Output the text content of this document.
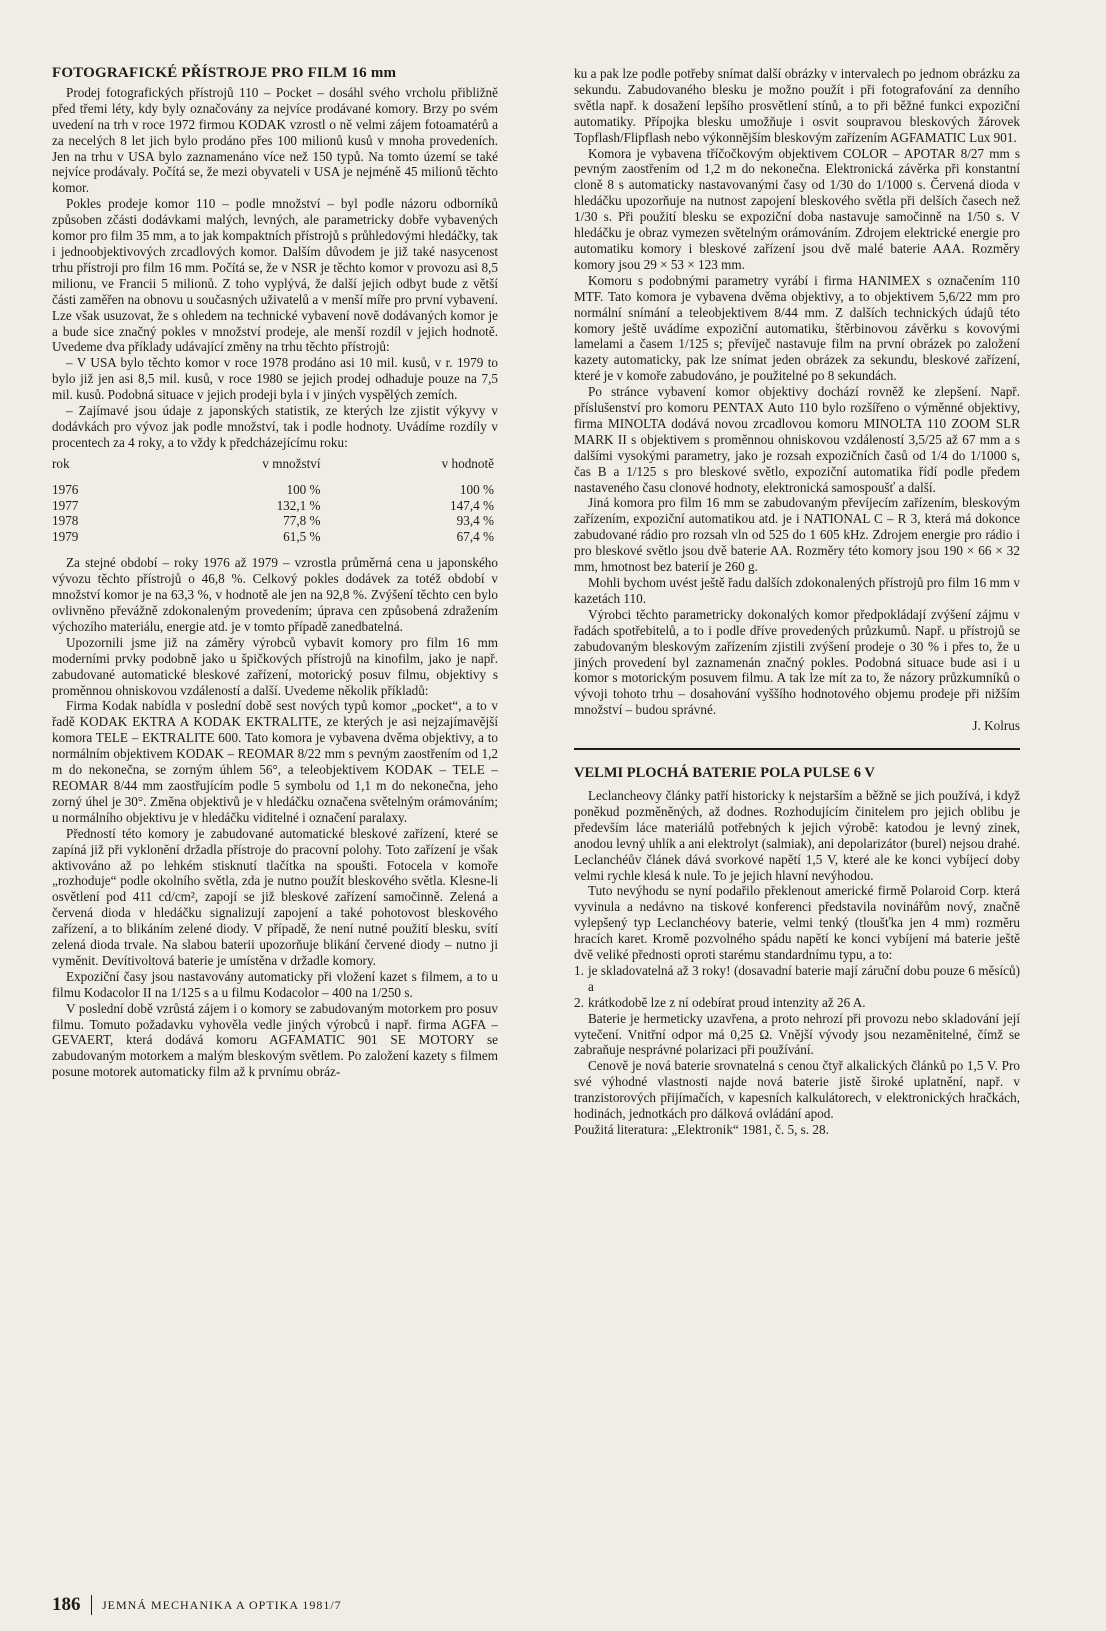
FOTOGRAFICKÉ PŘÍSTROJE PRO FILM 16 mm

Prodej fotografických přístrojů 110 – Pocket – dosáhl svého vrcholu přibližně před třemi léty, kdy byly označovány za nejvíce prodávané komory. Brzy po svém uvedení na trh v roce 1972 firmou KODAK vzrostl o ně velmi zájem fotoamatérů a za necelých 8 let jich bylo prodáno přes 100 milionů kusů v mnoha provedeních. Jen na trhu v USA bylo zaznamenáno více než 150 typů. Na tomto území se také nejvíce prodávaly. Počítá se, že mezi obyvateli v USA je nejméně 45 milionů těchto komor.

Pokles prodeje komor 110 – podle množství – byl podle názoru odborníků způsoben zčásti dodávkami malých, levných, ale parametricky dobře vybavených komor pro film 35 mm, a to jak kompaktních přístrojů s průhledovými hledáčky, tak i jednoobjektivových zrcadlových komor. Dalším důvodem je již také nasycenost trhu přístroji pro film 16 mm. Počítá se, že v NSR je těchto komor v provozu asi 8,5 milionu, ve Francii 5 milionů. Z toho vyplývá, že další jejich odbyt bude z větší části zaměřen na obnovu u současných uživatelů a v menší míře pro první vybavení. Lze však usuzovat, že s ohledem na technické vybavení nově dodávaných komor je a bude sice značný pokles v množství prodeje, ale menší rozdíl v jejich hodnotě. Uvedeme dva příklady udávající změny na trhu těchto přístrojů:

– V USA bylo těchto komor v roce 1978 prodáno asi 10 mil. kusů, v r. 1979 to bylo již jen asi 8,5 mil. kusů, v roce 1980 se jejich prodej odhaduje pouze na 7,5 mil. kusů. Podobná situace v jejich prodeji byla i v jiných vyspělých zemích.

– Zajímavé jsou údaje z japonských statistik, ze kterých lze zjistit výkyvy v dodávkách pro vývoz jak podle množství, tak i podle hodnoty. Uvádíme rozdíly v procentech za 4 roky, a to vždy k předcházejícímu roku:

rok	v množství	v hodnotě
1976	100 %	100 %
1977	132,1 %	147,4 %
1978	77,8 %	93,4 %
1979	61,5 %	67,4 %

Za stejné období – roky 1976 až 1979 – vzrostla průměrná cena u japonského vývozu těchto přístrojů o 46,8 %. Celkový pokles dodávek za totéž období v množství komor je na 63,3 %, v hodnotě ale jen na 92,8 %. Zvýšení těchto cen bylo ovlivněno převážně zdokonaleným provedením; úprava cen způsobená zdražením výchozího materiálu, energie atd. je v tomto případě zanedbatelná.

Upozornili jsme již na záměry výrobců vybavit komory pro film 16 mm moderními prvky podobně jako u špičkových přístrojů na kinofilm, jako je např. zabudované automatické bleskové zařízení, motorický posuv filmu, objektivy s proměnnou ohniskovou vzdáleností a další. Uvedeme několik příkladů:

Firma Kodak nabídla v poslední době sest nových typů komor „pocket“, a to v řadě KODAK EKTRA A KODAK EKTRALITE, ze kterých je asi nejzajímavější komora TELE – EKTRALITE 600. Tato komora je vybavena dvěma objektivy, a to normálním objektivem KODAK – REOMAR 8/22 mm s pevným zaostřením od 1,2 m do nekonečna, se zorným úhlem 56°, a teleobjektivem KODAK – TELE – REOMAR 8/44 mm zaostřujícím podle 5 symbolu od 1,1 m do nekonečna, jeho zorný úhel je 30°. Změna objektivů je v hledáčku označena světelným orámováním; u normálního objektivu je v hledáčku viditelné i označení paralaxy.

Předností této komory je zabudované automatické bleskové zařízení, které se zapíná již při vyklonění držadla přístroje do pracovní polohy. Toto zařízení je však aktivováno až po lehkém stisknutí tlačítka na spoušti. Fotocela v komoře „rozhoduje“ podle okolního světla, zda je nutno použít bleskového světla. Klesne-li osvětlení pod 411 cd/cm², zapojí se již bleskové zařízení samočinně. Zelená a červená dioda v hledáčku signalizují zapojení a také pohotovost bleskového zařízení, a to blikáním zelené diody. V případě, že není nutné použití blesku, svítí zelená dioda trvale. Na slabou baterii upozorňuje blikání červené diody – nutno ji vyměnit. Devítivoltová baterie je umístěna v držadle komory.

Expoziční časy jsou nastavovány automaticky při vložení kazet s filmem, a to u filmu Kodacolor II na 1/125 s a u filmu Kodacolor – 400 na 1/250 s.

V poslední době vzrůstá zájem i o komory se zabudovaným motorkem pro posuv filmu. Tomuto požadavku vyhověla vedle jiných výrobců i např. firma AGFA – GEVAERT, která dodává komoru AGFAMATIC 901 SE MOTORY se zabudovaným motorkem a malým bleskovým světlem. Po založení kazety s filmem posune motorek automaticky film až k prvnímu obráz-

ku a pak lze podle potřeby snímat další obrázky v intervalech po jednom obrázku za sekundu. Zabudovaného blesku je možno použít i při fotografování za denního světla např. k dosažení lepšího prosvětlení stínů, a to při běžné funkci expoziční automatiky. Přípojka blesku umožňuje i osvit soupravou bleskových žárovek Topflash/Flipflash nebo výkonnějším bleskovým zařízením AGFAMATIC Lux 901.

Komora je vybavena tříčočkovým objektivem COLOR – APOTAR 8/27 mm s pevným zaostřením od 1,2 m do nekonečna. Elektronická závěrka při konstantní cloně 8 s automaticky nastavovanými časy od 1/30 do 1/1000 s. Červená dioda v hledáčku upozorňuje na nutnost zapojení bleskového světla při delších časech než 1/30 s. Při použití blesku se expoziční doba nastavuje samočinně na 1/50 s. V hledáčku je obraz vymezen světelným orámováním. Zdrojem elektrické energie pro automatiku komory i bleskové zařízení jsou dvě malé baterie AAA. Rozměry komory jsou 29 × 53 × 123 mm.

Komoru s podobnými parametry vyrábí i firma HANIMEX s označením 110 MTF. Tato komora je vybavena dvěma objektivy, a to objektivem 5,6/22 mm pro normální snímání a teleobjektivem 8/44 mm. Z dalších technických údajů této komory ještě uvádíme expoziční automatiku, štěrbinovou závěrku s kovovými lamelami a časem 1/125 s; převíječ nastavuje film na první obrázek po založení kazety automaticky, pak lze snímat jeden obrázek za sekundu, bleskové zařízení, které je v komoře zabudováno, je použitelné po 8 sekundách.

Po stránce vybavení komor objektivy dochází rovněž ke zlepšení. Např. příslušenství pro komoru PENTAX Auto 110 bylo rozšířeno o výměnné objektivy, firma MINOLTA dodává novou zrcadlovou komoru MINOLTA 110 ZOOM SLR MARK II s objektivem s proměnnou ohniskovou vzdáleností 3,5/25 až 67 mm a s dalšími vysokými parametry, jako je rozsah expozičních časů od 1/4 do 1/1000 s, čas B a 1/125 s pro bleskové světlo, expoziční automatika řídí podle předem nastaveného času clonové hodnoty, elektronická samospoušť a další.

Jiná komora pro film 16 mm se zabudovaným převíjecím zařízením, bleskovým zařízením, expoziční automatikou atd. je i NATIONAL C – R 3, která má dokonce zabudované rádio pro rozsah vln od 525 do 1 605 kHz. Zdrojem energie pro rádio i pro bleskové světlo jsou dvě baterie AA. Rozměry této komory jsou 190 × 66 × 32 mm, hmotnost bez baterií je 260 g.

Mohli bychom uvést ještě řadu dalších zdokonalených přístrojů pro film 16 mm v kazetách 110.

Výrobci těchto parametricky dokonalých komor předpokládají zvýšení zájmu v řadách spotřebitelů, a to i podle dříve provedených průzkumů. Např. u přístrojů se zabudovaným bleskovým zařízením zjistili zvýšení prodeje o 30 % i přes to, že u jiných provedení byl zaznamenán značný pokles. Podobná situace bude asi i u komor s motorickým posuvem filmu. A tak lze mít za to, že názory průzkumníků o vývoji tohoto trhu – dosahování vyššího hodnotového objemu prodeje při nižším množství – budou správné.

J. Kolrus

VELMI PLOCHÁ BATERIE POLA PULSE 6 V

Leclancheovy články patří historicky k nejstarším a běžně se jich používá, i když poněkud pozměněných, až dodnes. Rozhodujícím činitelem pro jejich oblibu je především láce materiálů potřebných k jejich výrobě: katodou je levný zinek, anodou levný uhlík a ani elektrolyt (salmiak), ani depolarizátor (burel) nejsou drahé. Leclanchéův článek dává svorkové napětí 1,5 V, které ale ke konci vybíjecí doby velmi rychle klesá k nule. To je jejich hlavní nevýhodou.

Tuto nevýhodu se nyní podařilo překlenout americké firmě Polaroid Corp. která vyvinula a nedávno na tiskové konferenci představila novinářům nový, značně vylepšený typ Leclanchéovy baterie, velmi tenký (tloušťka jen 4 mm) rozměru hracích karet. Kromě pozvolného spádu napětí ke konci vybíjení má baterie ještě dvě veliké přednosti oproti starému standardnímu typu, a to:

1. je skladovatelná až 3 roky! (dosavadní baterie mají záruční dobu pouze 6 měsíců) a
2. krátkodobě lze z ní odebírat proud intenzity až 26 A.

Baterie je hermeticky uzavřena, a proto nehrozí při provozu nebo skladování její vytečení. Vnitřní odpor má 0,25 Ω. Vnější vývody jsou nezaměnitelné, čímž se zabraňuje nesprávné polarizaci při používání.

Cenově je nová baterie srovnatelná s cenou čtyř alkalických článků po 1,5 V. Pro své výhodné vlastnosti najde nová baterie jistě široké uplatnění, např. v tranzistorových přijímačích, v kapesních kalkulátorech, v elektronických hračkách, hodinách, jednotkách pro dálková ovládání apod.

Použitá literatura: „Elektronik“ 1981, č. 5, s. 28.

186 JEMNÁ MECHANIKA A OPTIKA 1981/7
